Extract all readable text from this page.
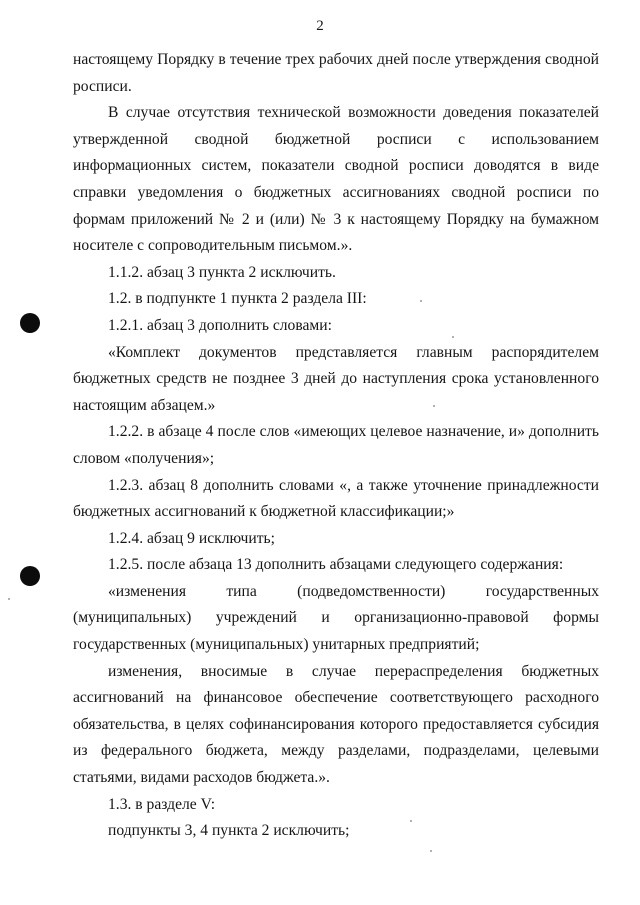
2

настоящему Порядку в течение трех рабочих дней после утверждения сводной росписи.

В случае отсутствия технической возможности доведения показателей утвержденной сводной бюджетной росписи с использованием информационных систем, показатели сводной росписи доводятся в виде справки уведомления о бюджетных ассигнованиях сводной росписи по формам приложений № 2 и (или) № 3 к настоящему Порядку на бумажном носителе с сопроводительным письмом.».

1.1.2. абзац 3 пункта 2 исключить.

1.2. в подпункте 1 пункта 2 раздела III:

1.2.1. абзац 3 дополнить словами:

«Комплект документов представляется главным распорядителем бюджетных средств не позднее 3 дней до наступления срока установленного настоящим абзацем.»

1.2.2. в абзаце 4 после слов «имеющих целевое назначение, и» дополнить словом «получения»;

1.2.3. абзац 8 дополнить словами «, а также уточнение принадлежности бюджетных ассигнований к бюджетной классификации;»

1.2.4. абзац 9 исключить;

1.2.5. после абзаца 13 дополнить абзацами следующего содержания:

«изменения типа (подведомственности) государственных (муниципальных) учреждений и организационно-правовой формы государственных (муниципальных) унитарных предприятий;

изменения, вносимые в случае перераспределения бюджетных ассигнований на финансовое обеспечение соответствующего расходного обязательства, в целях софинансирования которого предоставляется субсидия из федерального бюджета, между разделами, подразделами, целевыми статьями, видами расходов бюджета.».

1.3. в разделе V:

подпункты 3, 4 пункта 2 исключить;
